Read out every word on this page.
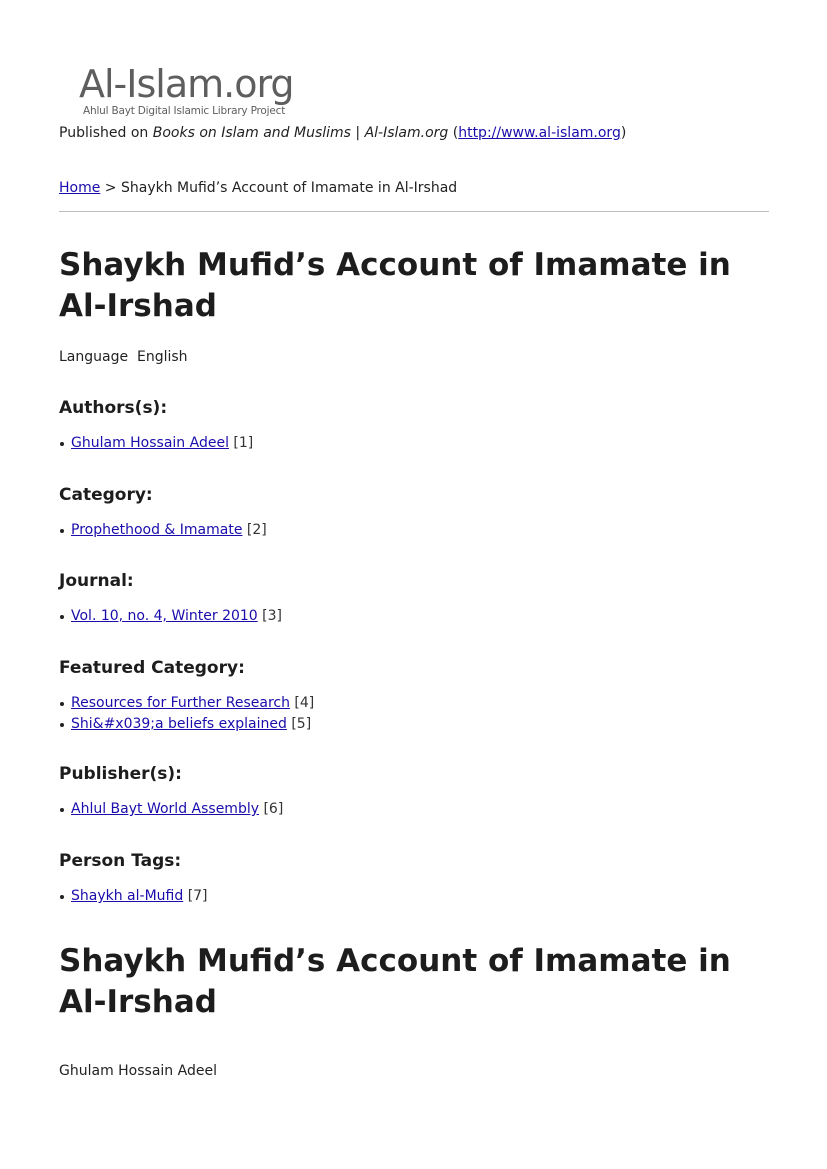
Al-Islam.org
Ahlul Bayt Digital Islamic Library Project
Published on Books on Islam and Muslims | Al-Islam.org (http://www.al-islam.org)
Home > Shaykh Mufid’s Account of Imamate in Al-Irshad
Shaykh Mufid’s Account of Imamate in Al-Irshad
Language English
Authors(s):
Ghulam Hossain Adeel [1]
Category:
Prophethood & Imamate [2]
Journal:
Vol. 10, no. 4, Winter 2010 [3]
Featured Category:
Resources for Further Research [4]
Shi&#x039;a beliefs explained [5]
Publisher(s):
Ahlul Bayt World Assembly [6]
Person Tags:
Shaykh al-Mufid [7]
Shaykh Mufid’s Account of Imamate in Al-Irshad
Ghulam Hossain Adeel
